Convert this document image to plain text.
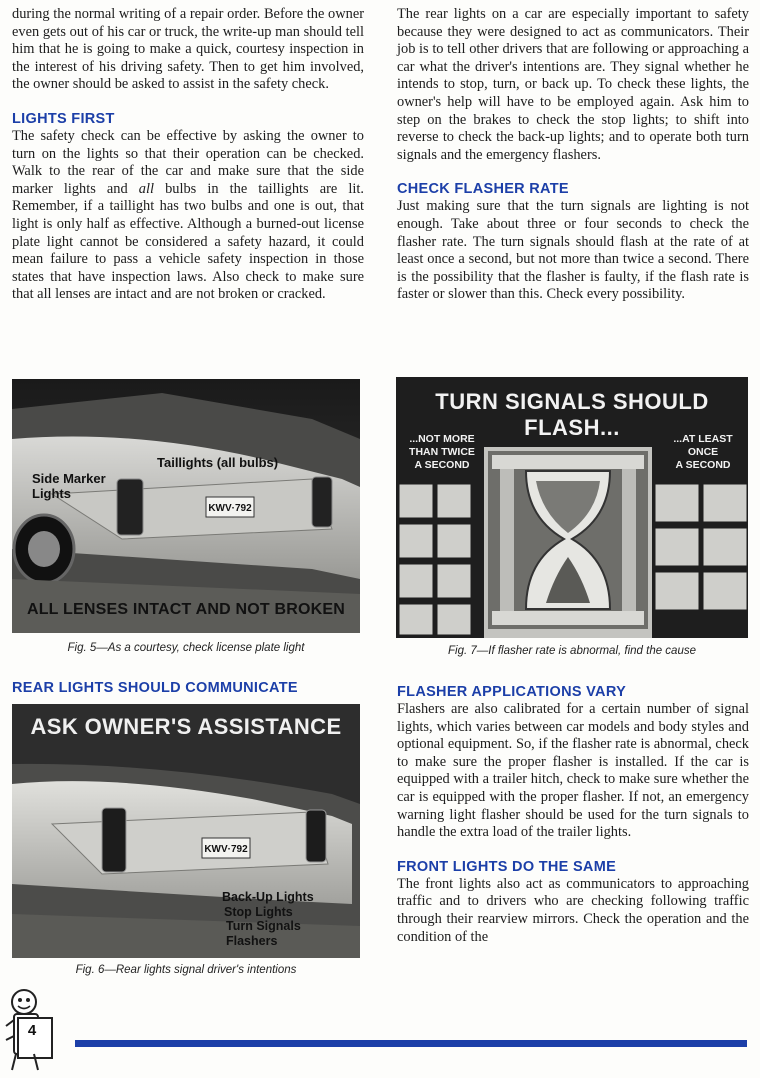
during the normal writing of a repair order. Before the owner even gets out of his car or truck, the write-up man should tell him that he is going to make a quick, courtesy inspection in the interest of his driving safety. Then to get him involved, the owner should be asked to assist in the safety check.

LIGHTS FIRST

The safety check can be effective by asking the owner to turn on the lights so that their operation can be checked. Walk to the rear of the car and make sure that the side marker lights and all bulbs in the taillights are lit. Remember, if a taillight has two bulbs and one is out, that light is only half as effective. Although a burned-out license plate light cannot be considered a safety hazard, it could mean failure to pass a vehicle safety inspection in those states that have inspection laws. Also check to make sure that all lenses are intact and are not broken or cracked.

The rear lights on a car are especially important to safety because they were designed to act as communicators. Their job is to tell other drivers that are following or approaching a car what the driver's intentions are. They signal whether he intends to stop, turn, or back up. To check these lights, the owner's help will have to be employed again. Ask him to step on the brakes to check the stop lights; to shift into reverse to check the back-up lights; and to operate both turn signals and the emergency flashers.

CHECK FLASHER RATE

Just making sure that the turn signals are lighting is not enough. Take about three or four seconds to check the flasher rate. The turn signals should flash at the rate of at least once a second, but not more than twice a second. There is the possibility that the flasher is faulty, if the flash rate is faster or slower than this. Check every possibility.

KWV·792
Taillights (all bulbs)
Side Marker
Lights
ALL LENSES INTACT AND NOT BROKEN
Fig. 5—As a courtesy, check license plate light
TURN SIGNALS SHOULD FLASH...
...NOT MORE
THAN TWICE
A SECOND
...AT LEAST
ONCE
A SECOND
Fig. 7—If flasher rate is abnormal, find the cause
REAR LIGHTS SHOULD COMMUNICATE
KWV·792
ASK OWNER'S ASSISTANCE
Back-Up Lights
Stop Lights
Turn Signals
Flashers
Fig. 6—Rear lights signal driver's intentions
FLASHER APPLICATIONS VARY

Flashers are also calibrated for a certain number of signal lights, which varies between car models and body styles and optional equipment. So, if the flasher rate is abnormal, check to make sure the proper flasher is installed. If the car is equipped with a trailer hitch, check to make sure whether the car is equipped with the proper flasher. If not, an emergency warning light flasher should be used for the turn signals to handle the extra load of the trailer lights.

FRONT LIGHTS DO THE SAME

The front lights also act as communicators to approaching traffic and to drivers who are checking following traffic through their rearview mirrors. Check the operation and the condition of the

4
